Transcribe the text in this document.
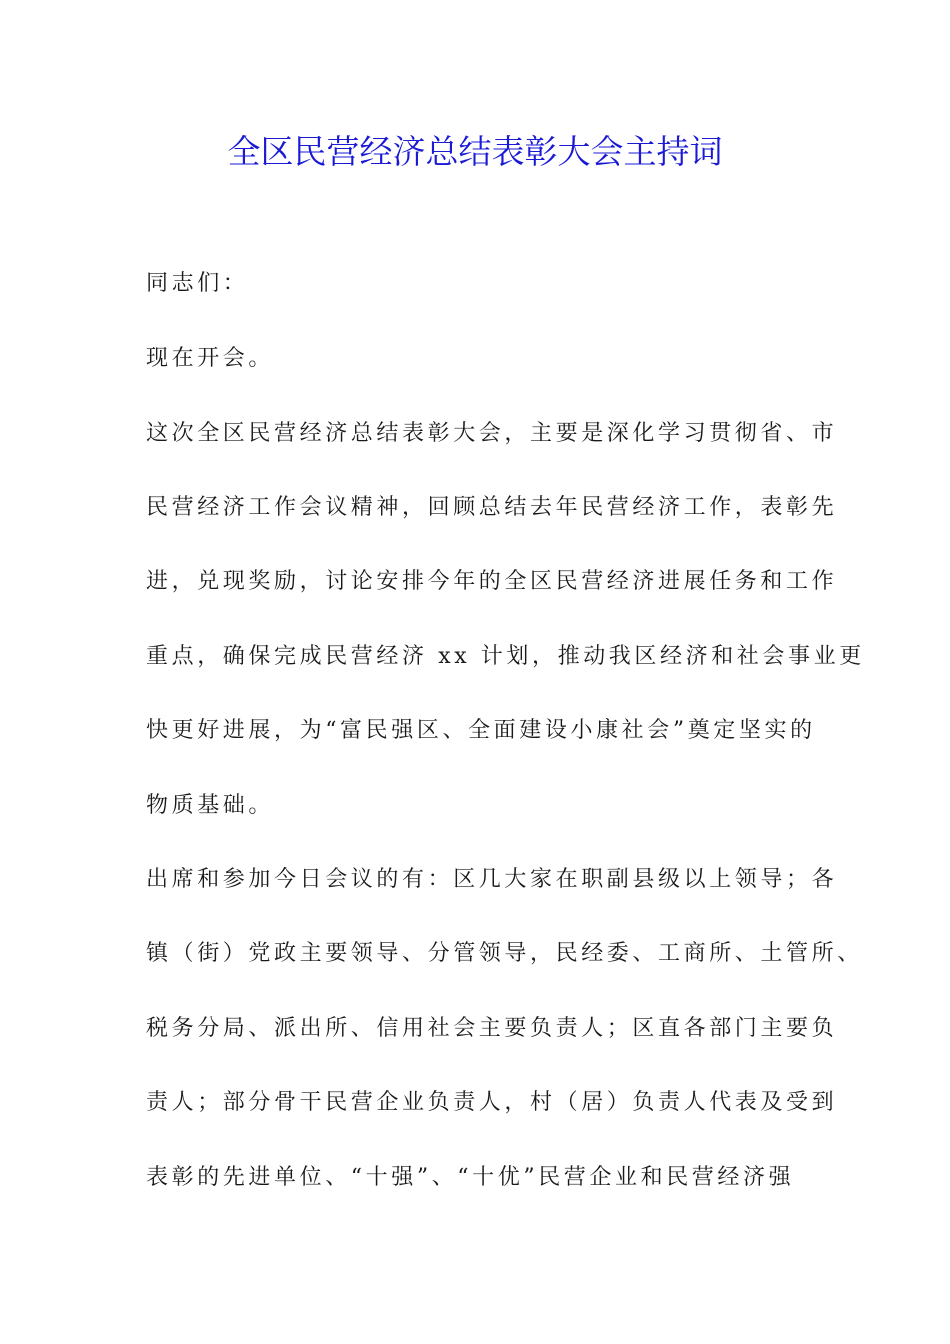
全区民营经济总结表彰大会主持词
同志们：
现在开会。
这次全区民营经济总结表彰大会，主要是深化学习贯彻省、市
民营经济工作会议精神，回顾总结去年民营经济工作，表彰先
进，兑现奖励，讨论安排今年的全区民营经济进展任务和工作
重点，确保完成民营经济 xx 计划，推动我区经济和社会事业更
快更好进展，为“富民强区、全面建设小康社会”奠定坚实的
物质基础。
出席和参加今日会议的有：区几大家在职副县级以上领导；各
镇（街）党政主要领导、分管领导，民经委、工商所、土管所、
税务分局、派出所、信用社会主要负责人；区直各部门主要负
责人；部分骨干民营企业负责人，村（居）负责人代表及受到
表彰的先进单位、“十强”、“十优”民营企业和民营经济强
